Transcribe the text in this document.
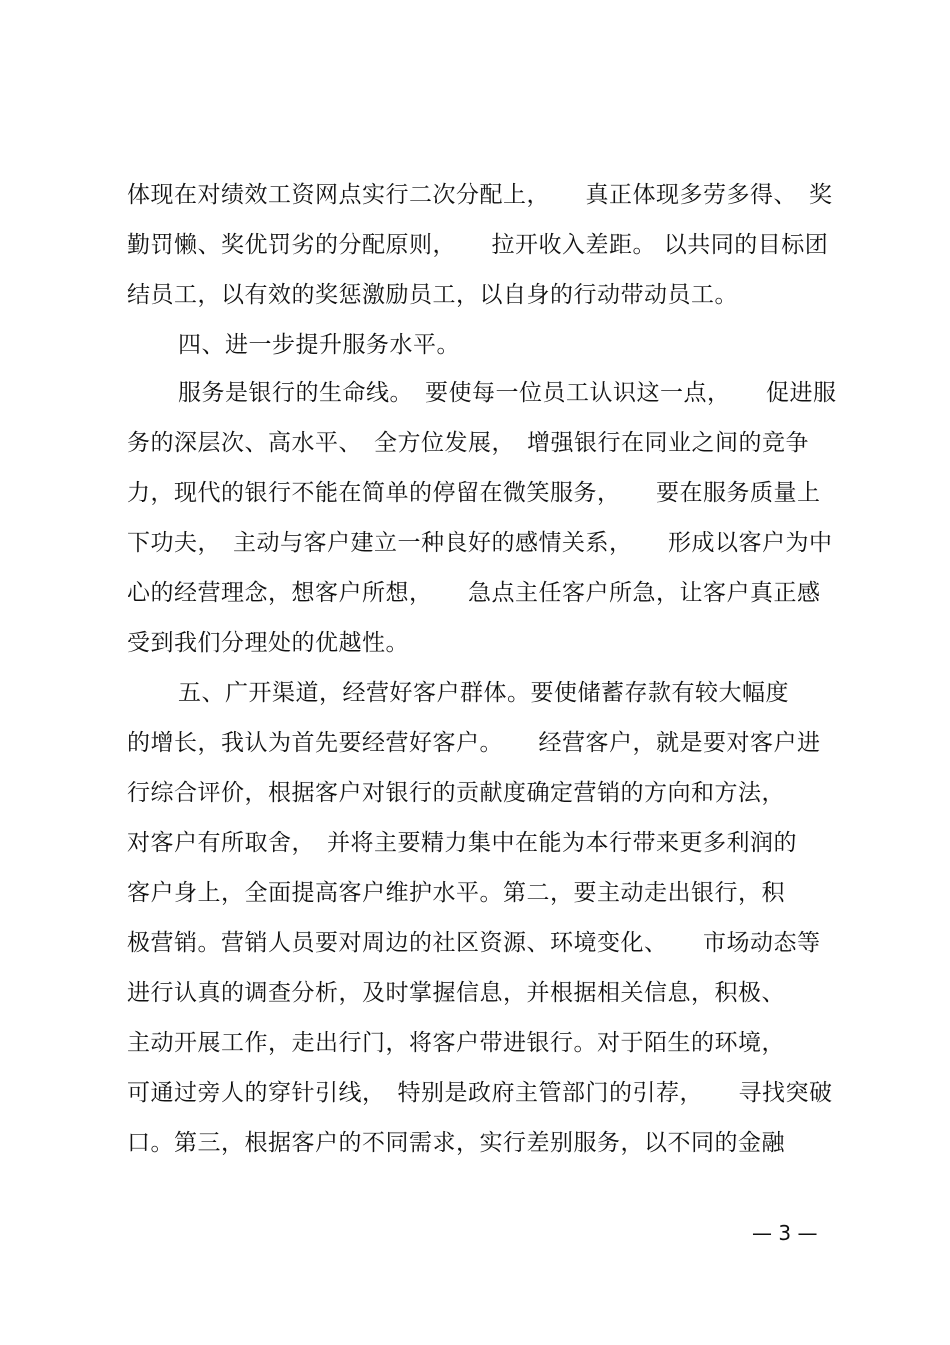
体现在对绩效工资网点实行二次分配上，　　真正体现多劳多得、　奖
勤罚懒、奖优罚劣的分配原则，　　拉开收入差距。 以共同的目标团
结员工，以有效的奖惩激励员工，以自身的行动带动员工。
四、进一步提升服务水平。
服务是银行的生命线。　要使每一位员工认识这一点，　　促进服
务的深层次、高水平、　全方位发展，　增强银行在同业之间的竞争
力，现代的银行不能在简单的停留在微笑服务，　　要在服务质量上
下功夫，　主动与客户建立一种良好的感情关系，　　形成以客户为中
心的经营理念，想客户所想，　　急点主任客户所急，让客户真正感
受到我们分理处的优越性。
五、广开渠道，经营好客户群体。要使储蓄存款有较大幅度
的增长，我认为首先要经营好客户。　　经营客户，就是要对客户进
行综合评价，根据客户对银行的贡献度确定营销的方向和方法，
对客户有所取舍，　并将主要精力集中在能为本行带来更多利润的
客户身上，全面提高客户维护水平。第二，要主动走出银行，积
极营销。营销人员要对周边的社区资源、环境变化、　　市场动态等
进行认真的调查分析，及时掌握信息，并根据相关信息，积极、
主动开展工作，走出行门，将客户带进银行。对于陌生的环境，
可通过旁人的穿针引线，　特别是政府主管部门的引荐，　　寻找突破
口。第三，根据客户的不同需求，实行差别服务，以不同的金融
— 3 —
